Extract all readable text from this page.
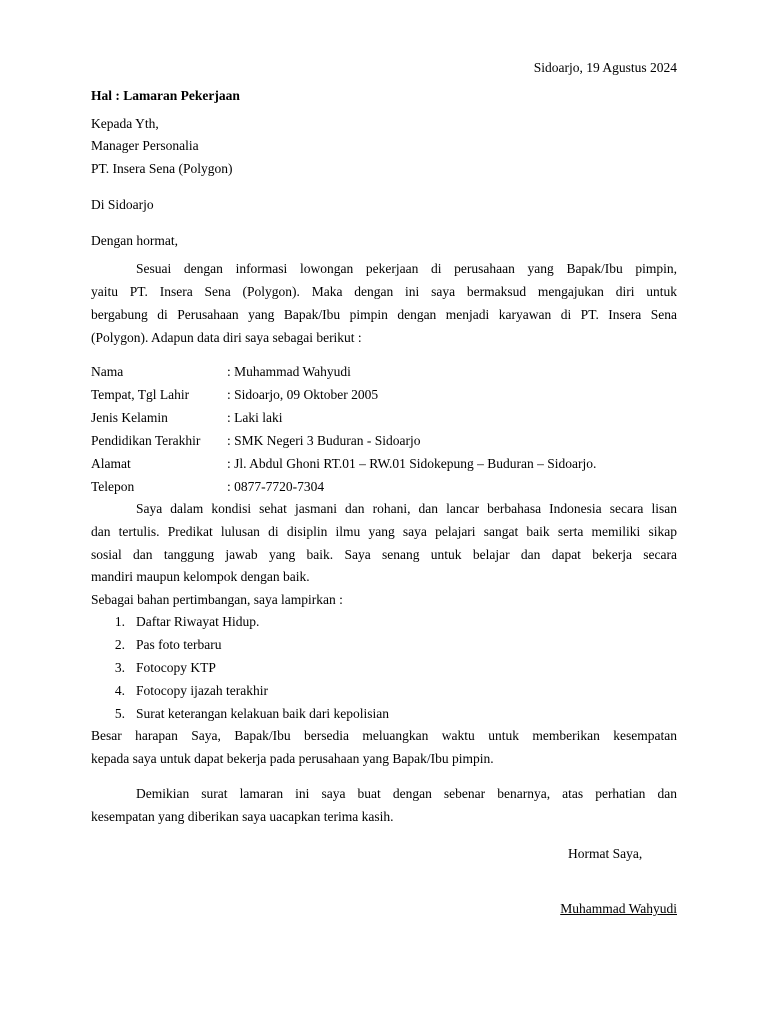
Sidoarjo, 19 Agustus 2024
Hal : Lamaran Pekerjaan
Kepada Yth,
Manager Personalia
PT. Insera Sena (Polygon)
Di Sidoarjo
Dengan hormat,
Sesuai dengan informasi lowongan pekerjaan di perusahaan yang Bapak/Ibu pimpin,
yaitu PT. Insera Sena (Polygon). Maka dengan ini saya bermaksud mengajukan diri untuk
bergabung di Perusahaan yang Bapak/Ibu pimpin dengan menjadi karyawan di PT. Insera Sena
(Polygon). Adapun data diri saya sebagai berikut :
Nama	: Muhammad Wahyudi
Tempat, Tgl Lahir	: Sidoarjo, 09 Oktober 2005
Jenis Kelamin	: Laki laki
Pendidikan Terakhir : SMK Negeri 3 Buduran - Sidoarjo
Alamat	: Jl. Abdul Ghoni RT.01 – RW.01 Sidokepung – Buduran – Sidoarjo.
Telepon	: 0877-7720-7304
Saya dalam kondisi sehat jasmani dan rohani, dan lancar berbahasa Indonesia secara lisan
dan tertulis. Predikat lulusan di disiplin ilmu yang saya pelajari sangat baik serta memiliki sikap
sosial dan tanggung jawab yang baik. Saya senang untuk belajar dan dapat bekerja secara
mandiri maupun kelompok dengan baik.
Sebagai bahan pertimbangan, saya lampirkan :
1. Daftar Riwayat Hidup.
2. Pas foto terbaru
3. Fotocopy KTP
4. Fotocopy ijazah terakhir
5. Surat keterangan kelakuan baik dari kepolisian
Besar harapan Saya, Bapak/Ibu bersedia meluangkan waktu untuk memberikan kesempatan
kepada saya untuk dapat bekerja pada perusahaan yang Bapak/Ibu pimpin.
Demikian surat lamaran ini saya buat dengan sebenar benarnya, atas perhatian dan
kesempatan yang diberikan saya uacapkan terima kasih.
Hormat Saya,
Muhammad Wahyudi
